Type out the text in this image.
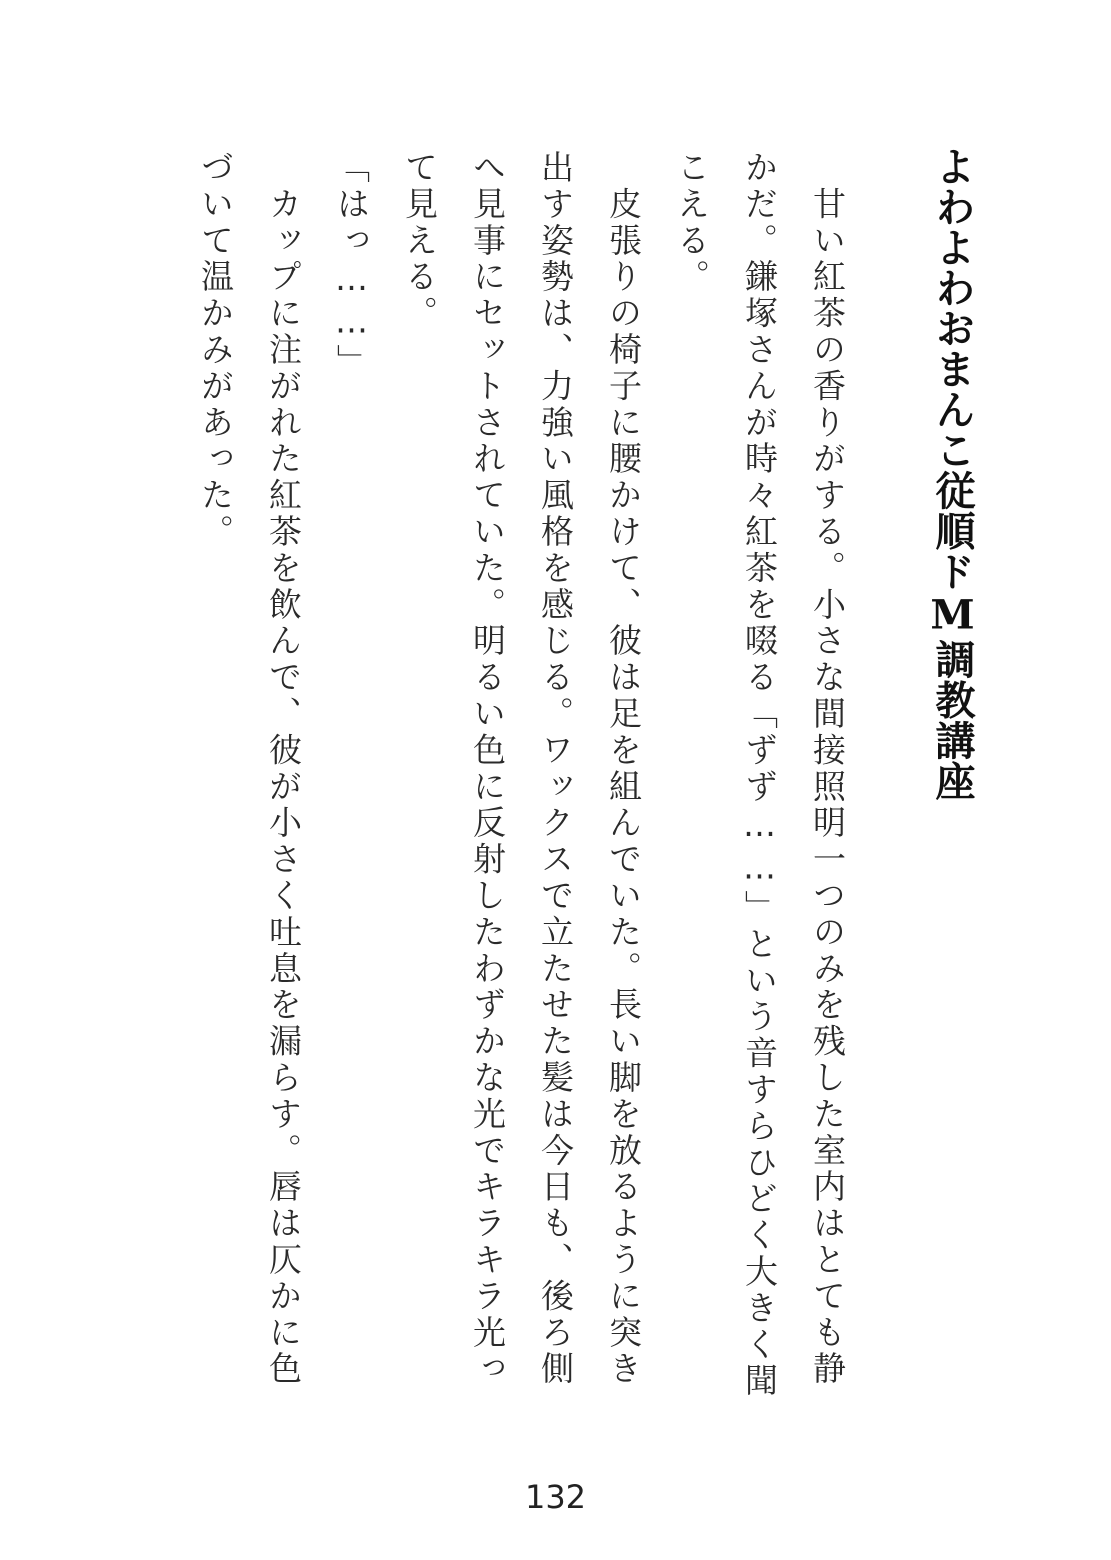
よわよわおまんこ従順ドM調教講座
　甘い紅茶の香りがする。小さな間接照明一つのみを残した室内はとても静
かだ。鎌塚さんが時々紅茶を啜る「ずず……」という音すらひどく大きく聞
こえる。
　皮張りの椅子に腰かけて、彼は足を組んでいた。長い脚を放るように突き
出す姿勢は、力強い風格を感じる。ワックスで立たせた髪は今日も、後ろ側
へ見事にセットされていた。明るい色に反射したわずかな光でキラキラ光っ
て見える。
「はっ……」
　カップに注がれた紅茶を飲んで、彼が小さく吐息を漏らす。唇は仄かに色
づいて温かみがあった。
132
